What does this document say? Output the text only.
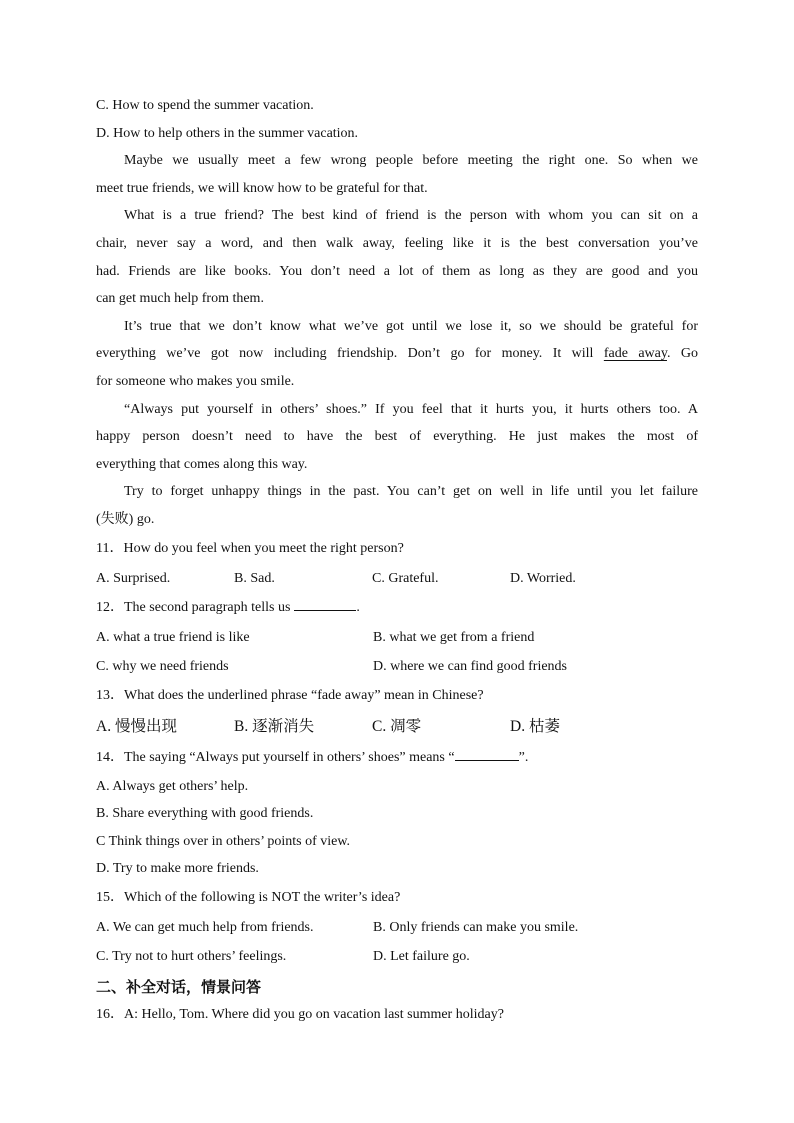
C. How to spend the summer vacation.
D. How to help others in the summer vacation.
Maybe we usually meet a few wrong people before meeting the right one. So when we
meet true friends, we will know how to be grateful for that.
What is a true friend? The best kind of friend is the person with whom you can sit on a
chair, never say a word, and then walk away, feeling like it is the best conversation you’ve
had. Friends are like books. You don’t need a lot of them as long as they are good and you
can get much help from them.
It’s true that we don’t know what we’ve got until we lose it, so we should be grateful for
everything we’ve got now including friendship. Don’t go for money. It will fade away. Go
for someone who makes you smile.
“Always put yourself in others’ shoes.” If you feel that it hurts you, it hurts others too. A
happy person doesn’t need to have the best of everything. He just makes the most of
everything that comes along this way.
Try to forget unhappy things in the past. You can’t get on well in life until you let failure
(失败) go.
11．How do you feel when you meet the right person?
A. Surprised.	B. Sad.	C. Grateful.	D. Worried.
12．The second paragraph tells us	.
A. what a true friend is like	B. what we get from a friend
C. why we need friends	D. where we can find good friends
13．What does the underlined phrase “fade away” mean in Chinese?
A. 慢慢出现	B. 逐渐消失	C. 凋零	D. 枯萎
14．The saying “Always put yourself in others’ shoes” means “	”.
A. Always get others’ help.
B. Share everything with good friends.
C Think things over in others’ points of view.
D. Try to make more friends.
15．Which of the following is NOT the writer’s idea?
A. We can get much help from friends.	B. Only friends can make you smile.
C. Try not to hurt others’ feelings.	D. Let failure go.
二、补全对话，情景问答
16．A: Hello, Tom. Where did you go on vacation last summer holiday?
